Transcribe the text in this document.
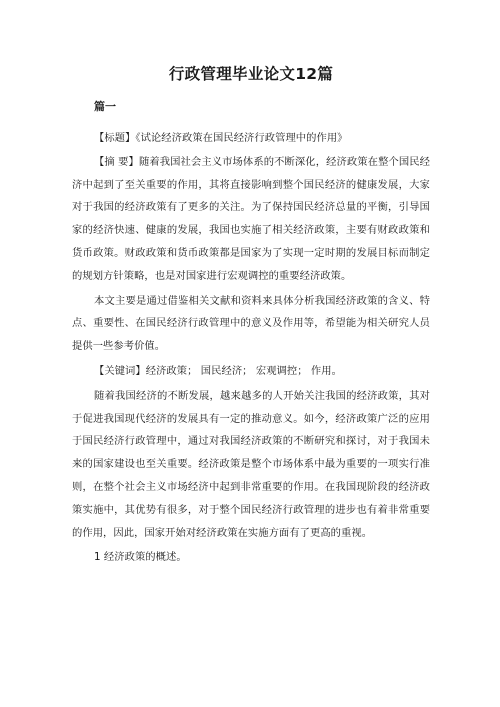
行政管理毕业论文12篇
篇一

【标题】《试论经济政策在国民经济行政管理中的作用》

【摘 要】随着我国社会主义市场体系的不断深化，经济政策在整个国民经济中起到了至关重要的作用，其将直接影响到整个国民经济的健康发展，大家对于我国的经济政策有了更多的关注。为了保持国民经济总量的平衡，引导国家的经济快速、健康的发展，我国也实施了相关经济政策，主要有财政政策和货币政策。财政政策和货币政策都是国家为了实现一定时期的发展目标而制定的规划方针策略，也是对国家进行宏观调控的重要经济政策。

本文主要是通过借鉴相关文献和资料来具体分析我国经济政策的含义、特点、重要性、在国民经济行政管理中的意义及作用等，希望能为相关研究人员提供一些参考价值。

【关键词】经济政策； 国民经济； 宏观调控； 作用。

随着我国经济的不断发展，越来越多的人开始关注我国的经济政策，其对于促进我国现代经济的发展具有一定的推动意义。如今，经济政策广泛的应用于国民经济行政管理中，通过对我国经济政策的不断研究和探讨，对于我国未来的国家建设也至关重要。经济政策是整个市场体系中最为重要的一项实行准则，在整个社会主义市场经济中起到非常重要的作用。在我国现阶段的经济政策实施中，其优势有很多，对于整个国民经济行政管理的进步也有着非常重要的作用，因此，国家开始对经济政策在实施方面有了更高的重视。

1 经济政策的概述。
